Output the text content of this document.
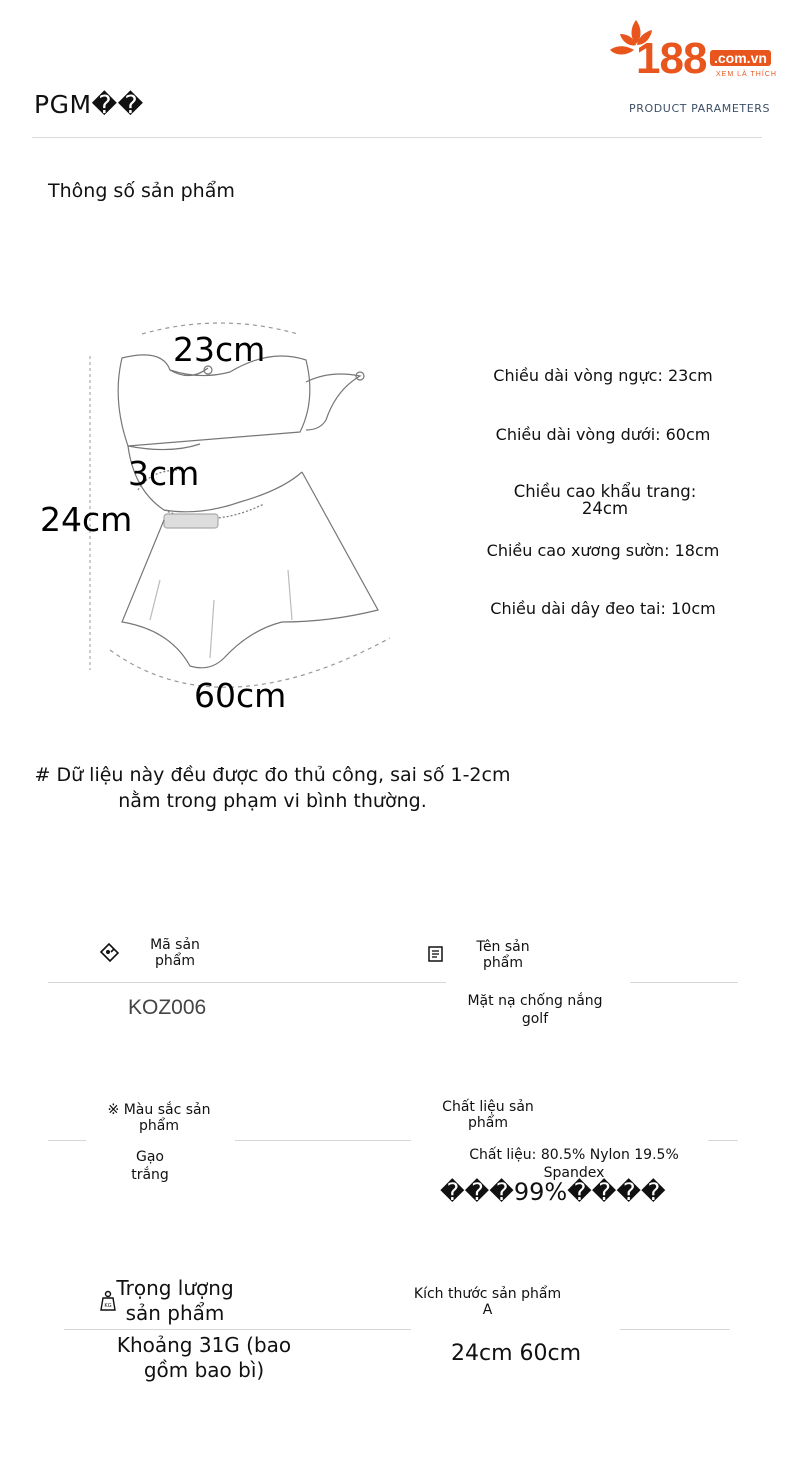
188 .com.vn
XEM LÀ THÍCH
PGM��	PRODUCT PARAMETERS
Thông số sản phẩm
23cm
3cm
24cm
60cm
Chiều dài vòng ngực: 23cm
Chiều dài vòng dưới: 60cm
Chiều cao khẩu trang: 24cm
Chiều cao xương sườn: 18cm
Chiều dài dây đeo tai: 10cm
# Dữ liệu này đều được đo thủ công, sai số 1-2cm
nằm trong phạm vi bình thường.
Mã sản phẩm
KOZ006
Tên sản phẩm
Mặt nạ chống nắng golf
※ Màu sắc sản phẩm
Gạo trắng
Chất liệu sản phẩm
Chất liệu: 80.5% Nylon 19.5% Spandex
���99%����
KG
Trọng lượng sản phẩm
Khoảng 31G (bao gồm bao bì)
Kích thước sản phẩm A
24cm 60cm
